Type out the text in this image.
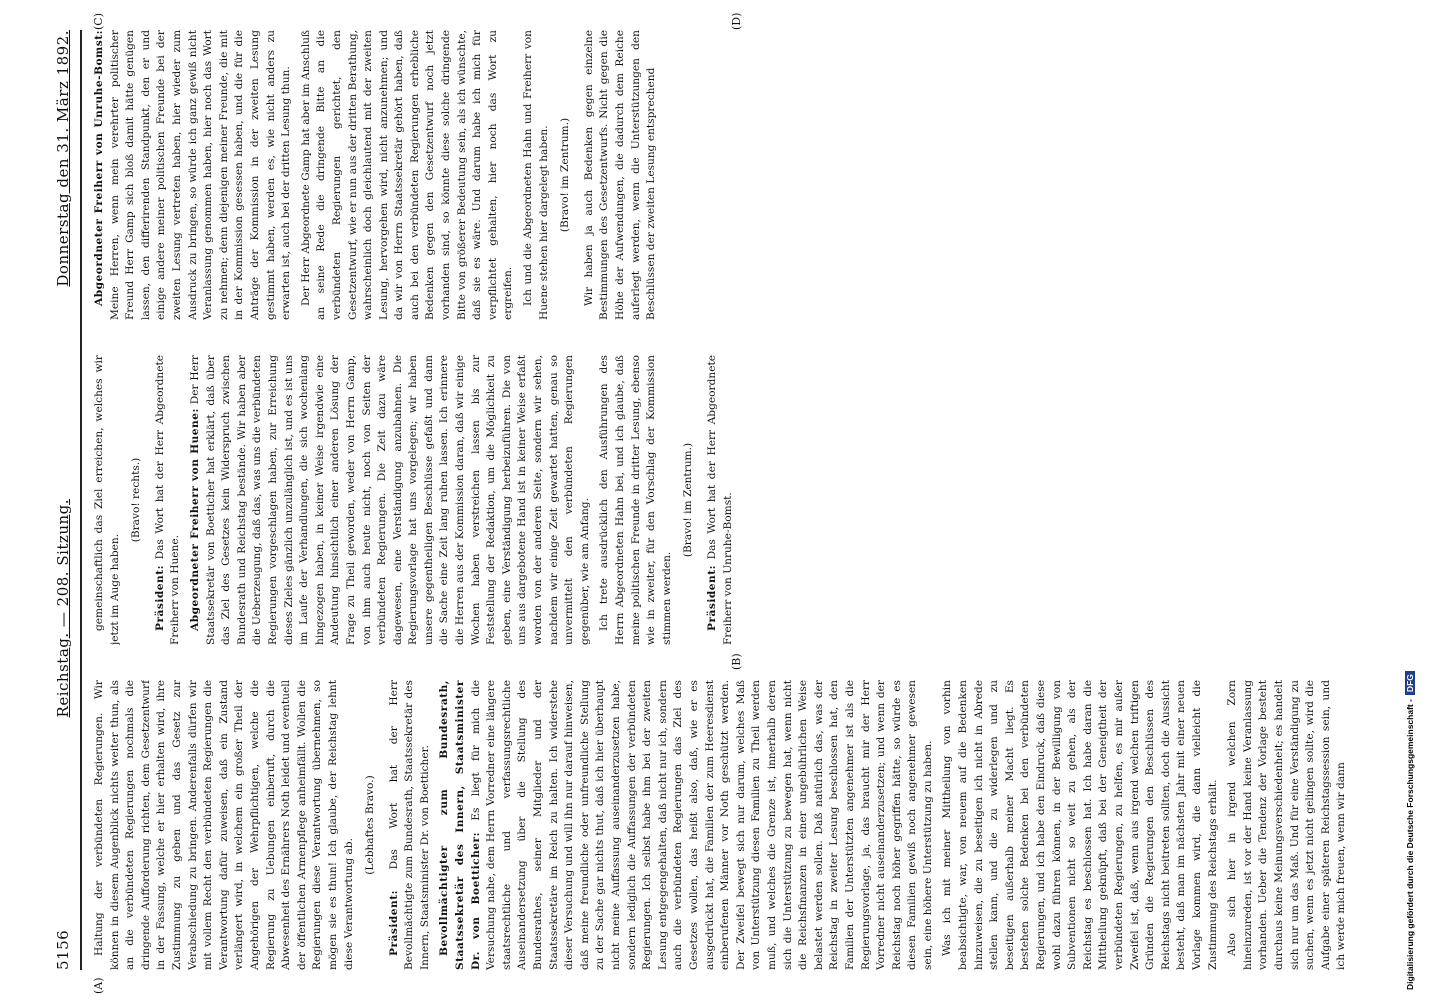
5156
Reichstag. — 208. Sitzung.
Donnerstag den 31. März 1892.
(A)
(B)
(C)	(D)

Haltung der verbündeten Regierungen. Wir können in diesem Augenblick nichts weiter thun, als an die verbündeten Regierungen nochmals die dringende Aufforderung richten, dem Gesetzentwurf in der Fassung, welche er hier erhalten wird, ihre Zustimmung zu geben und das Gesetz zur Verabschiedung zu bringen. Anderenfalls dürfen wir mit vollem Recht den verbündeten Regierungen die Verantwortung dafür zuweisen, daß ein Zustand verlängert wird, in welchem ein großer Theil der Angehörigen der Wehrpflichtigen, welche die Regierung zu Uebungen einberuft, durch die Abwesenheit des Ernährers Noth leidet und eventuell der öffentlichen Armenpflege anheimfällt. Wollen die Regierungen diese Verantwortung übernehmen, so mögen sie es thun! Ich glaube, der Reichstag lehnt diese Verantwortung ab.

(Lebhaftes Bravo.)

Präsident: Das Wort hat der Herr Bevollmächtigte zum Bundesrath, Staatssekretär des Innern, Staatsminister Dr. von Boetticher. Bevollmächtigter zum Bundesrath, Staatssekretär des Innern, Staatsminister Dr. von Boetticher: Es liegt für mich die Versuchung nahe, dem Herrn Vorredner eine längere staatsrechtliche und verfassungsrechtliche Auseinandersetzung über die Stellung des Bundesrathes, seiner Mitglieder und der Staatssekretäre im Reich zu halten. Ich widerstehe dieser Versuchung und will ihn nur darauf hinweisen, daß meine freundliche oder unfreundliche Stellung zu der Sache gar nichts thut, daß ich hier überhaupt nicht meine Auffassung auseinanderzusetzen habe, sondern lediglich die Auffassungen der verbündeten Regierungen. Ich selbst habe ihm bei der zweiten Lesung entgegengehalten, daß nicht nur ich, sondern auch die verbündeten Regierungen das Ziel des Gesetzes wollen, das heißt also, daß, wie er es ausgedrückt hat, die Familien der zum Heeresdienst einberufenen Männer vor Noth geschützt werden. Der Zweifel bewegt sich nur darum, welches Maß von Unterstützung diesen Familien zu Theil werden muß, und welches die Grenze ist, innerhalb deren sich die Unterstützung zu bewegen hat, wenn nicht die Reichsfinanzen in einer ungebührlichen Weise belastet werden sollen. Daß natürlich das, was der Reichstag in zweiter Lesung beschlossen hat, den Familien der Unterstützten angenehmer ist als die Regierungsvorlage, ja, das braucht mir der Herr Vorredner nicht auseinanderzusetzen; und wenn der Reichstag noch höher gegriffen hätte, so würde es diesen Familien gewiß noch angenehmer gewesen sein, eine höhere Unterstützung zu haben. Was ich mit meiner Mittheilung von vorhin beabsichtigte, war, von neuem auf die Bedenken hinzuweisen, die zu beseitigen ich nicht in Abrede stellen kann, und die zu widerlegen und zu beseitigen außerhalb meiner Macht liegt. Es bestehen solche Bedenken bei den verbündeten Regierungen, und ich habe den Eindruck, daß diese wohl dazu führen können, in der Bewilligung von Subventionen nicht so weit zu gehen, als der Reichstag es beschlossen hat. Ich habe daran die Mittheilung geknüpft, daß bei der Geneigtheit der verbündeten Regierungen, zu helfen, es mir außer Zweifel ist, daß, wenn aus irgend welchen triftigen Gründen die Regierungen den Beschlüssen des Reichstags nicht beitreten sollten, doch die Aussicht besteht, daß man im nächsten Jahr mit einer neuen Vorlage kommen wird, die dann vielleicht die Zustimmung des Reichstags erhält. Also sich hier in irgend welchen Zorn hineinzureden, ist vor der Hand keine Veranlassung vorhanden. Ueber die Tendenz der Vorlage besteht durchaus keine Meinungsverschiedenheit; es handelt sich nur um das Maß. Und für eine Verständigung zu suchen, wenn es jetzt nicht gelingen sollte, wird die Aufgabe einer späteren Reichstagssession sein, und ich werde mich freuen, wenn wir dann

gemeinschaftlich das Ziel erreichen, welches wir jetzt im Auge haben.

(Bravo! rechts.)

Präsident: Das Wort hat der Herr Abgeordnete Freiherr von Huene. Abgeordneter Freiherr von Huene: Der Herr Staatssekretär von Boetticher hat erklärt, daß über das Ziel des Gesetzes kein Widerspruch zwischen Bundesrath und Reichstag bestände. Wir haben aber die Ueberzeugung, daß das, was uns die verbündeten Regierungen vorgeschlagen haben, zur Erreichung dieses Zieles gänzlich unzulänglich ist, und es ist uns im Laufe der Verhandlungen, die sich wochenlang hingezogen haben, in keiner Weise irgendwie eine Andeutung hinsichtlich einer anderen Lösung der Frage zu Theil geworden, weder von Herrn Gamp, von ihm auch heute nicht, noch von Seiten der verbündeten Regierungen. Die Zeit dazu wäre dagewesen, eine Verständigung anzubahnen. Die Regierungsvorlage hat uns vorgelegen; wir haben unsere gegentheiligen Beschlüsse gefaßt und dann die Sache eine Zeit lang ruhen lassen. Ich erinnere die Herren aus der Kommission daran, daß wir einige Wochen haben verstreichen lassen bis zur Feststellung der Redaktion, um die Möglichkeit zu geben, eine Verständigung herbeizuführen. Die von uns aus dargebotene Hand ist in keiner Weise erfaßt worden von der anderen Seite, sondern wir sehen, nachdem wir einige Zeit gewartet hatten, genau so unvermittelt den verbündeten Regierungen gegenüber, wie am Anfang. Ich trete ausdrücklich den Ausführungen des Herrn Abgeordneten Hahn bei, und ich glaube, daß meine politischen Freunde in dritter Lesung, ebenso wie in zweiter, für den Vorschlag der Kommission stimmen werden.

(Bravo! im Zentrum.)

Präsident: Das Wort hat der Herr Abgeordnete Freiherr von Unruhe-Bomst.

Abgeordneter Freiherr von Unruhe-Bomst: Meine Herren, wenn mein verehrter politischer Freund Herr Gamp sich bloß damit hätte genügen lassen, den differirenden Standpunkt, den er und einige andere meiner politischen Freunde bei der zweiten Lesung vertreten haben, hier wieder zum Ausdruck zu bringen, so würde ich ganz gewiß nicht Veranlassung genommen haben, hier noch das Wort zu nehmen; denn diejenigen meiner Freunde, die mit in der Kommission gesessen haben, und die für die Anträge der Kommission in der zweiten Lesung gestimmt haben, werden es, wie nicht anders zu erwarten ist, auch bei der dritten Lesung thun. Der Herr Abgeordnete Gamp hat aber im Anschluß an seine Rede die dringende Bitte an die verbündeten Regierungen gerichtet, den Gesetzentwurf, wie er nun aus der dritten Berathung, wahrscheinlich doch gleichlautend mit der zweiten Lesung, hervorgehen wird, nicht anzunehmen; und da wir von Herrn Staatssekretär gehört haben, daß auch bei den verbündeten Regierungen erhebliche Bedenken gegen den Gesetzentwurf noch jetzt vorhanden sind, so könnte diese solche dringende Bitte von größerer Bedeutung sein, als ich wünschte, daß sie es wäre. Und darum habe ich mich für verpflichtet gehalten, hier noch das Wort zu ergreifen. Ich und die Abgeordneten Hahn und Freiherr von Huene stehen hier dargelegt haben. (Bravo! im Zentrum.) Wir haben ja auch Bedenken gegen einzelne Bestimmungen des Gesetzentwurfs. Nicht gegen die Höhe der Aufwendungen, die dadurch dem Reiche auferlegt werden, wenn die Unterstützungen den Beschlüssen der zweiten Lesung entsprechend

Digitalisierung gefördert durch die Deutsche Forschungsgemeinschaft -DFG
